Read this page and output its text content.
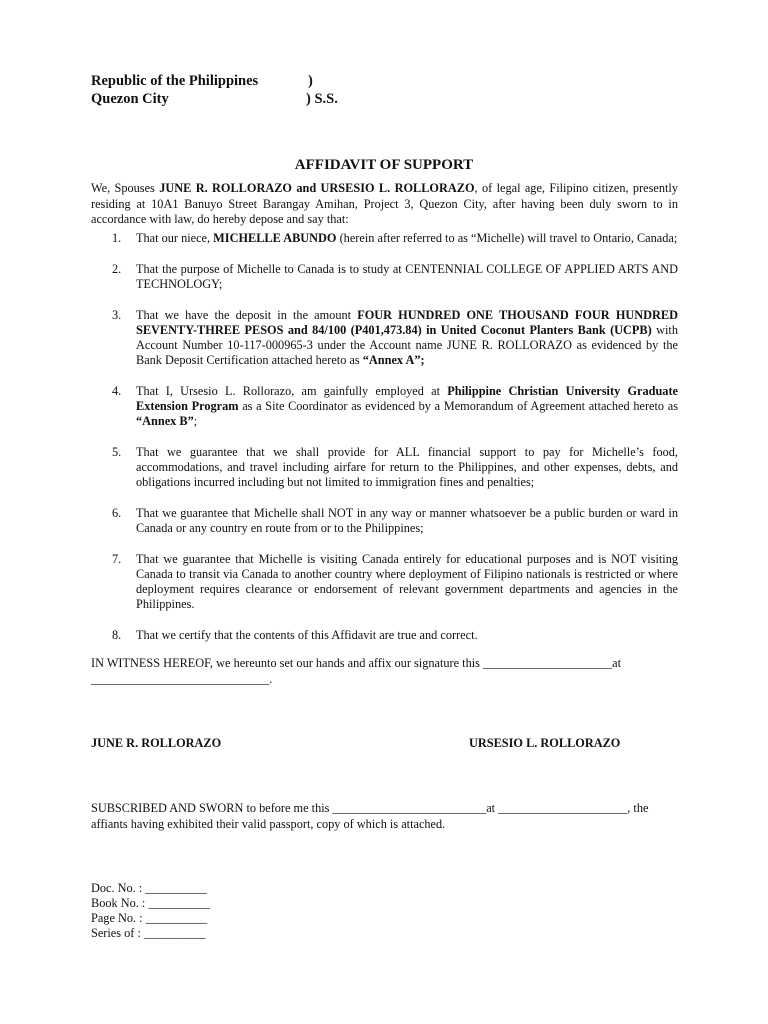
Republic of the Philippines	)
Quezon City	) S.S.
AFFIDAVIT OF SUPPORT
We, Spouses JUNE R. ROLLORAZO and URSESIO L. ROLLORAZO, of legal age, Filipino citizen, presently residing at 10A1 Banuyo Street Barangay Amihan, Project 3, Quezon City, after having been duly sworn to in accordance with law, do hereby depose and say that:
1. That our niece, MICHELLE ABUNDO (herein after referred to as “Michelle) will travel to Ontario, Canada;
2. That the purpose of Michelle to Canada is to study at CENTENNIAL COLLEGE OF APPLIED ARTS AND TECHNOLOGY;
3. That we have the deposit in the amount FOUR HUNDRED ONE THOUSAND FOUR HUNDRED SEVENTY-THREE PESOS and 84/100 (P401,473.84) in United Coconut Planters Bank (UCPB) with Account Number 10-117-000965-3 under the Account name JUNE R. ROLLORAZO as evidenced by the Bank Deposit Certification attached hereto as “Annex A”;
4. That I, Ursesio L. Rollorazo, am gainfully employed at Philippine Christian University Graduate Extension Program as a Site Coordinator as evidenced by a Memorandum of Agreement attached hereto as “Annex B”;
5. That we guarantee that we shall provide for ALL financial support to pay for Michelle’s food, accommodations, and travel including airfare for return to the Philippines, and other expenses, debts, and obligations incurred including but not limited to immigration fines and penalties;
6. That we guarantee that Michelle shall NOT in any way or manner whatsoever be a public burden or ward in Canada or any country en route from or to the Philippines;
7. That we guarantee that Michelle is visiting Canada entirely for educational purposes and is NOT visiting Canada to transit via Canada to another country where deployment of Filipino nationals is restricted or where deployment requires clearance or endorsement of relevant government departments and agencies in the Philippines.
8. That we certify that the contents of this Affidavit are true and correct.
IN WITNESS HEREOF, we hereunto set our hands and affix our signature this _____________________at _____________________________.
JUNE R. ROLLORAZO	URSESIO L. ROLLORAZO
SUBSCRIBED AND SWORN to before me this _________________________at _____________________, the affiants having exhibited their valid passport, copy of which is attached.
Doc. No. : __________
Book No. : __________
Page No. : __________
Series of : __________
